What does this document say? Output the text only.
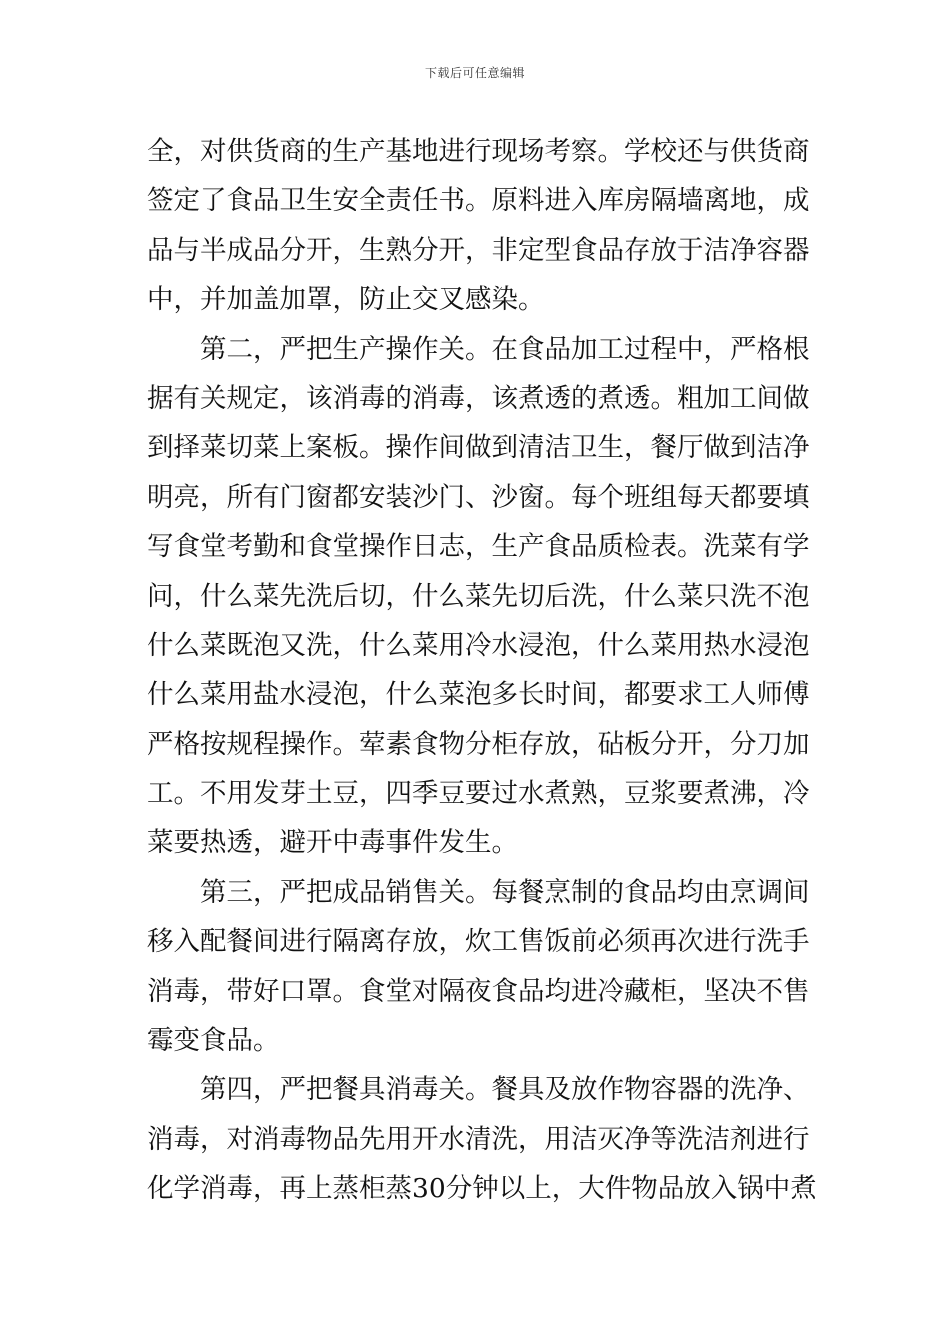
下载后可任意编辑
全，对供货商的生产基地进行现场考察。学校还与供货商
签定了食品卫生安全责任书。原料进入库房隔墙离地，成
品与半成品分开，生熟分开，非定型食品存放于洁净容器
中，并加盖加罩，防止交叉感染。
第二，严把生产操作关。在食品加工过程中，严格根
据有关规定，该消毒的消毒，该煮透的煮透。粗加工间做
到择菜切菜上案板。操作间做到清洁卫生，餐厅做到洁净
明亮，所有门窗都安装沙门、沙窗。每个班组每天都要填
写食堂考勤和食堂操作日志，生产食品质检表。洗菜有学
问，什么菜先洗后切，什么菜先切后洗，什么菜只洗不泡
什么菜既泡又洗，什么菜用冷水浸泡，什么菜用热水浸泡
什么菜用盐水浸泡，什么菜泡多长时间，都要求工人师傅
严格按规程操作。荤素食物分柜存放，砧板分开，分刀加
工。不用发芽土豆，四季豆要过水煮熟，豆浆要煮沸，冷
菜要热透，避开中毒事件发生。
第三，严把成品销售关。每餐烹制的食品均由烹调间
移入配餐间进行隔离存放，炊工售饭前必须再次进行洗手
消毒，带好口罩。食堂对隔夜食品均进冷藏柜，坚决不售
霉变食品。
第四，严把餐具消毒关。餐具及放作物容器的洗净、
消毒，对消毒物品先用开水清洗，用洁灭净等洗洁剂进行
化学消毒，再上蒸柜蒸30分钟以上，大件物品放入锅中煮
